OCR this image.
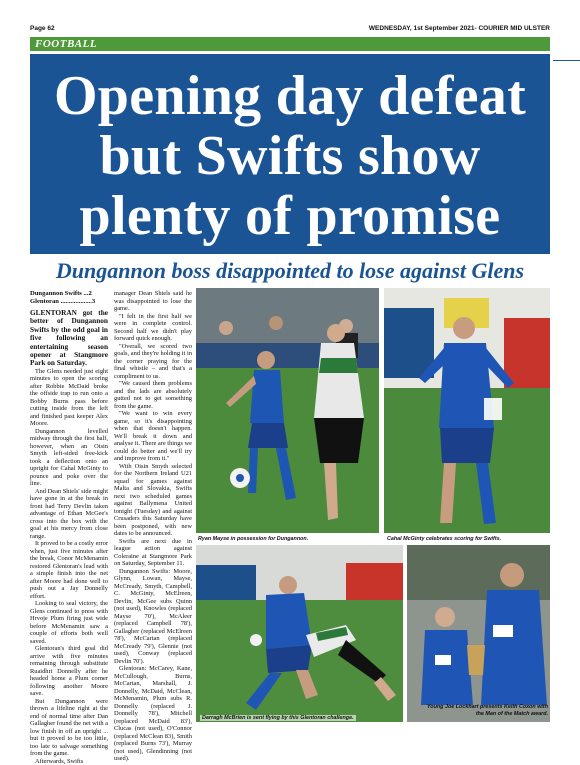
Page 62	WEDNESDAY, 1st September 2021- COURIER MID ULSTER
FOOTBALL
Opening day defeat
but Swifts show
plenty of promise
Dungannon boss disappointed to lose against Glens
Dungannon Swifts ...2
Glentoran ...................3

GLENTORAN got the better of Dungannon Swifts by the odd goal in five following an entertaining season opener at Stangmore Park on Saturday.

The Glens needed just eight minutes to open the scoring after Robbie McDaid broke the offside trap to run onto a Bobby Burns pass before cutting inside from the left and finished past keeper Alex Moore.

Dungannon levelled midway through the first half, however, when an Oisin Smyth left-sided free-kick took a deflection onto an upright for Cahal McGinty to pounce and poke over the line.

And Dean Shiels' side might have gone in at the break in front had Terry Devlin taken advantage of Ethan McGee's cross into the box with the goal at his mercy from close range.

It proved to be a costly error when, just five minutes after the break, Conor McMenamin restored Glentoran's lead with a simple finish into the net after Moore had done well to push out a Jay Donnelly effort.

Looking to seal victory, the Glens continued to press with Hrvoje Plum firing just wide before McMenamin saw a couple of efforts both well saved.

Glentoran's third goal did arrive with five minutes remaining through substitute Ruaidhri Donnelly after he headed home a Plum corner following another Moore save.

But Dungannon were thrown a lifeline right at the end of normal time after Dan Gallagher found the net with a low finish in off an upright ... but it proved to be too little, too late to salvage something from the game.

Afterwards, Swifts

manager Dean Shiels said he was disappointed to lose the game.

"I felt in the first half we were in complete control. Second half we didn't play forward quick enough.

"Overall, we scored two goals, and they're holding it in the corner praying for the final whistle – and that's a compliment to us.

"We caused them problems and the lads are absolutely gutted not to get something from the game.

"We want to win every game, so it's disappointing when that doesn't happen. We'll break it down and analyse it. There are things we could do better and we'll try and improve from it."

With Oisin Smyth selected for the Northern Ireland U21 squad for games against Malta and Slovakia, Swifts next two scheduled games against Ballymena United tonight (Tuesday) and against Crusaders this Saturday have been postponed, with new dates to be announced.

Swifts are next due in league action against Coleraine at Stangmore Park on Saturday, September 11.

Dungannon Swifts: Moore, Glynn, Lowan, Mayse, McCready, Smyth, Campbell, C. McGinty, McElreen, Devlin, McGee subs Quinn (not used), Knowles (replaced Mayse 70'), McAleer (replaced Campbell 78'), Gallagher (replaced McElreen 78'), McCartan (replaced McCready 79'), Glennie (not used), Conway (replaced Devlin 70').

Glentoran: McCarey, Kane, McCullough, Burns, McCartan, Marshall, J. Donnelly, McDaid, McClean, McMenamin, Plum subs R. Donnelly (replaced J. Donnelly 78'), Mitchell (replaced McDaid 83'), Clucas (not used), O'Connor (replaced McClean 83), Smith (replaced Burns 73'), Murray (not used), Glendinning (not used).

Ryan Mayse in possession for Dungannon.	Cahal McGinty celebrates scoring for Swifts.
Darragh McBrien is sent flying by this Glentoran challenge.
Young Joe Lockhart presents Keith Coxon with the Man of the Match award.
